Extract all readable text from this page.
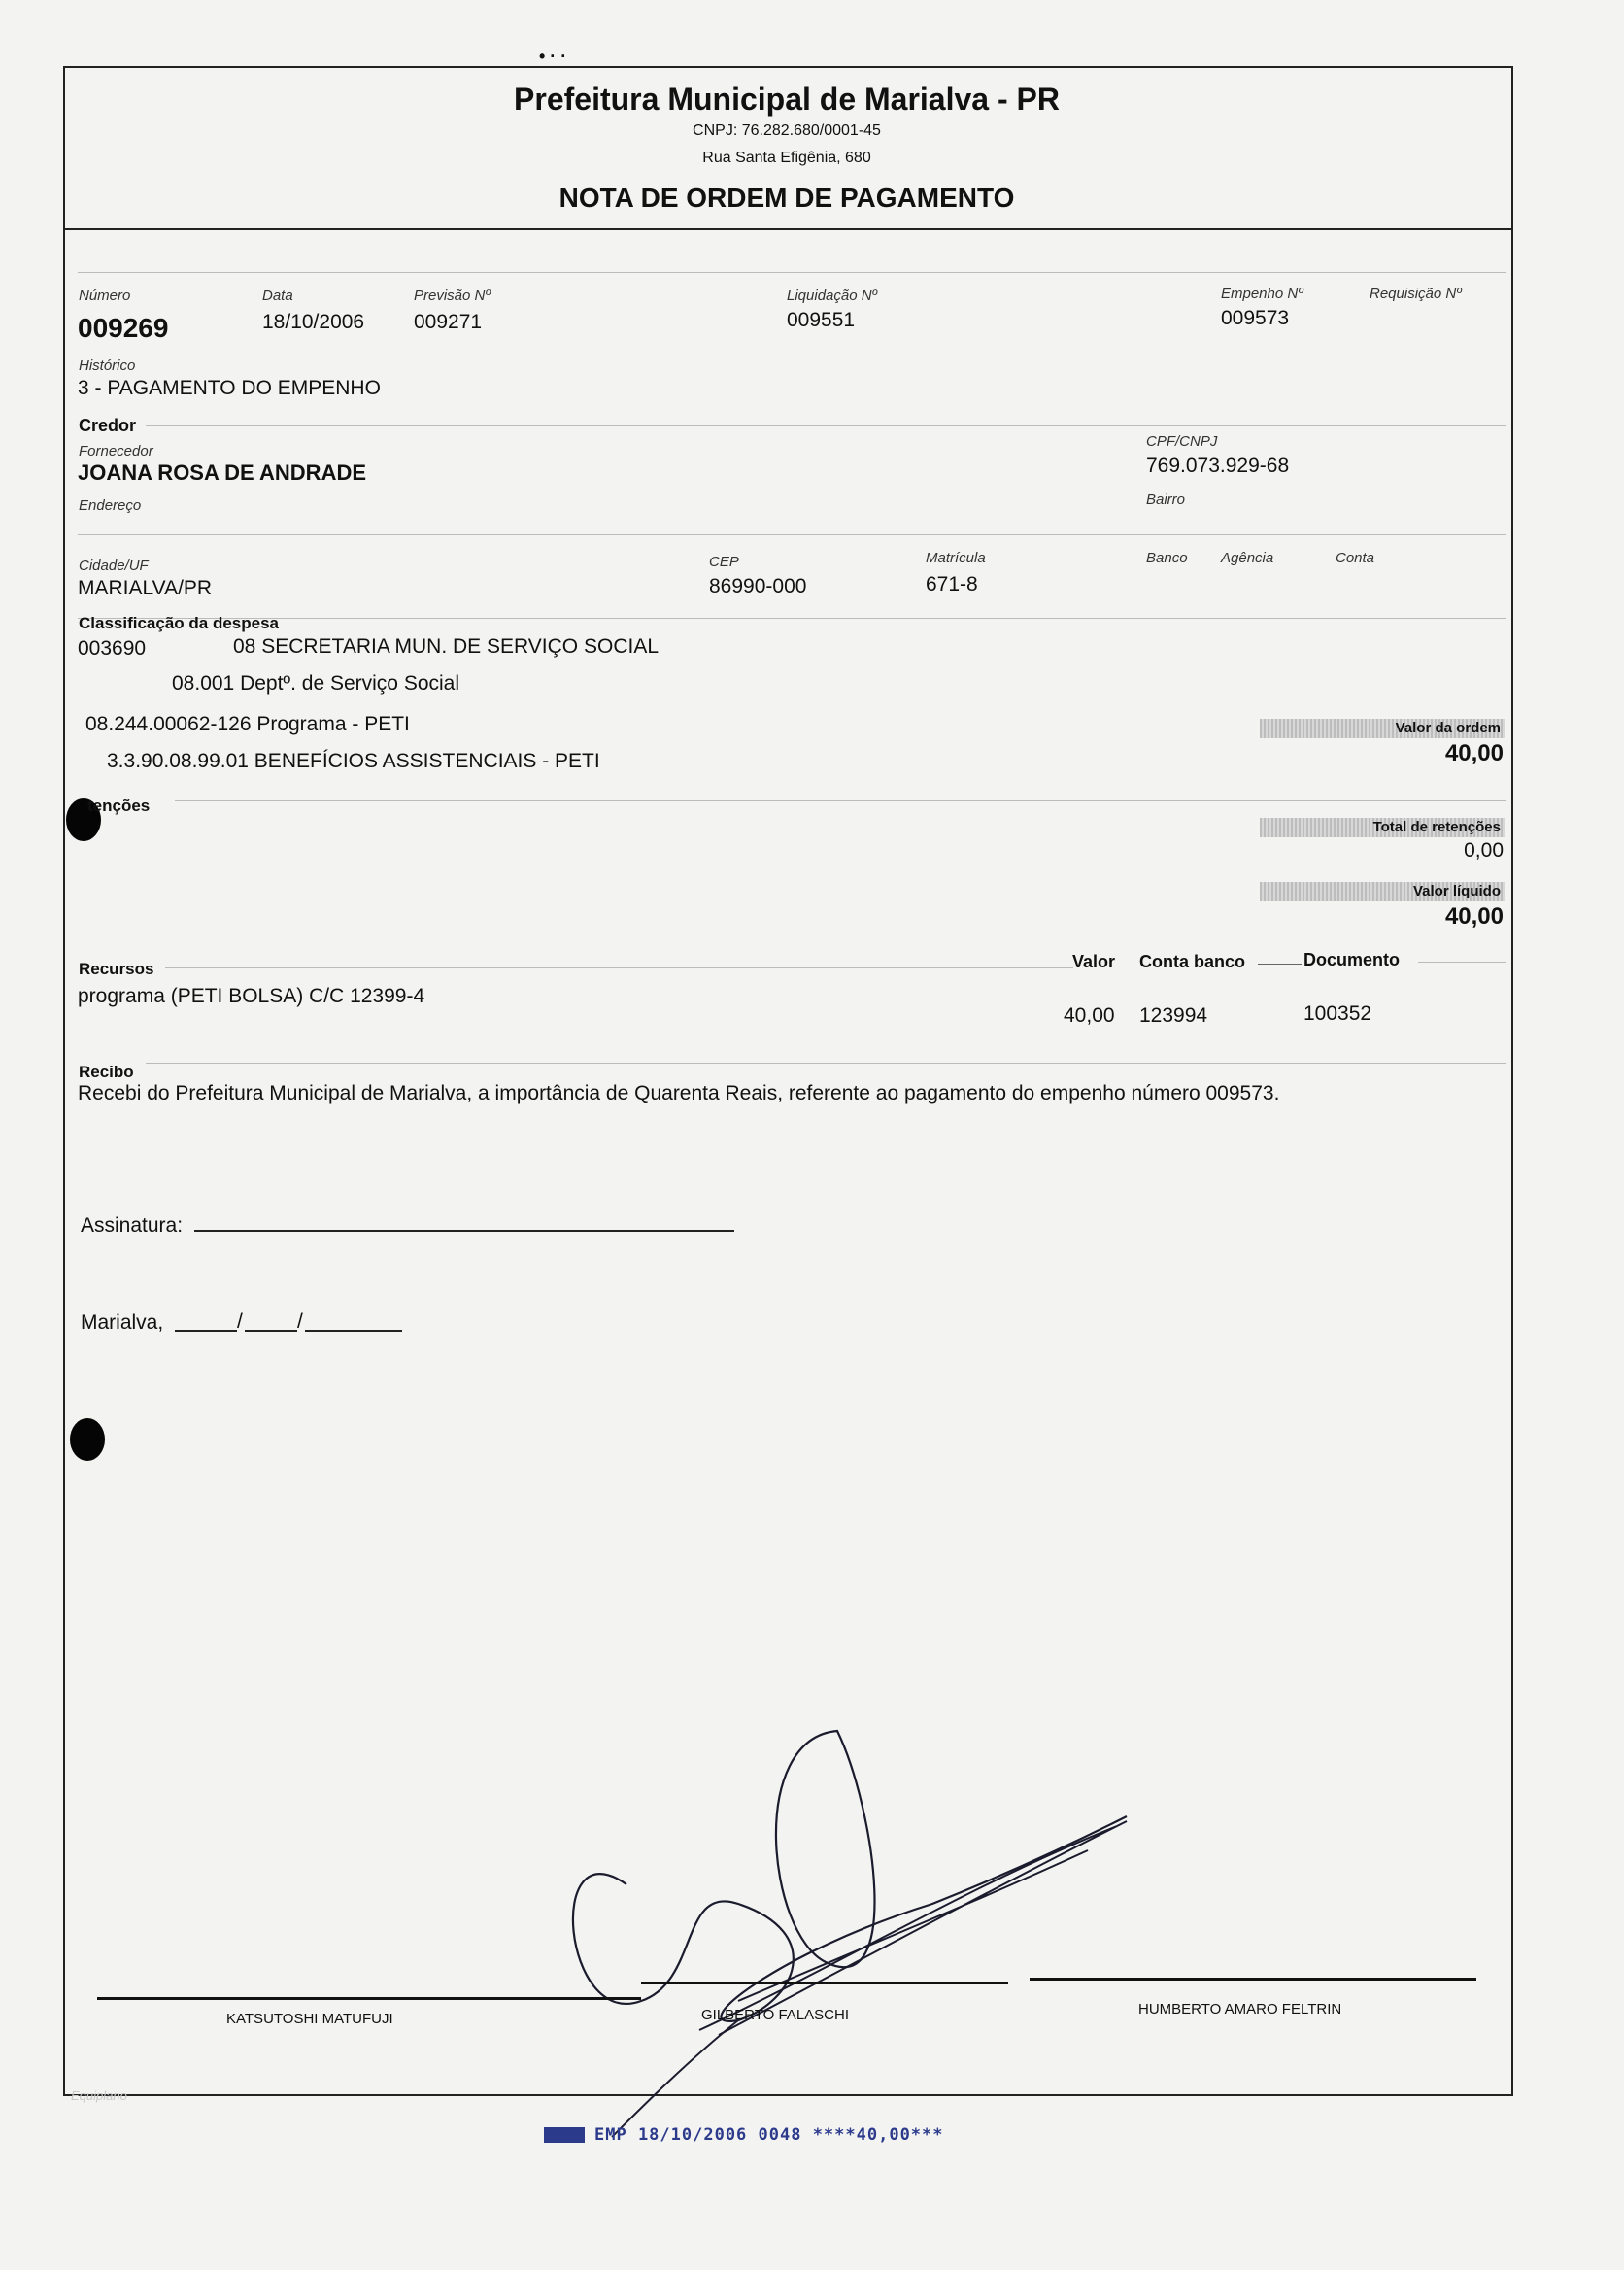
• · ·
Prefeitura Municipal de Marialva - PR
CNPJ: 76.282.680/0001-45
Rua Santa Efigênia, 680
NOTA DE ORDEM DE PAGAMENTO
Número
009269
Data
18/10/2006
Previsão Nº
009271
Liquidação Nº
009551
Empenho Nº
009573
Requisição Nº
Histórico
3 - PAGAMENTO DO EMPENHO
Credor
Fornecedor
JOANA ROSA DE ANDRADE
CPF/CNPJ
769.073.929-68
Endereço	Bairro
Cidade/UF
MARIALVA/PR
CEP
86990-000
Matrícula
671-8
Banco Agência	Conta
Classificação da despesa
003690	08 SECRETARIA MUN. DE SERVIÇO SOCIAL
08.001 Deptº. de Serviço Social
08.244.00062-126 Programa - PETI
3.3.90.08.99.01 BENEFÍCIOS ASSISTENCIAIS - PETI
Valor da ordem
40,00
tenções
Total de retenções
0,00
Valor líquido
40,00
Recursos	Valor Conta banco	Documento
programa (PETI BOLSA) C/C 12399-4
40,00 123994	100352
Recibo
Recebi do Prefeitura Municipal de Marialva, a importância de Quarenta Reais, referente ao pagamento do empenho número 009573.
Assinatura:
Marialva,	/	/
KATSUTOSHI MATUFUJI	GILBERTO FALASCHI	HUMBERTO AMARO FELTRIN
Equiplano
EMP 18/10/2006 0048 ****40,00***
